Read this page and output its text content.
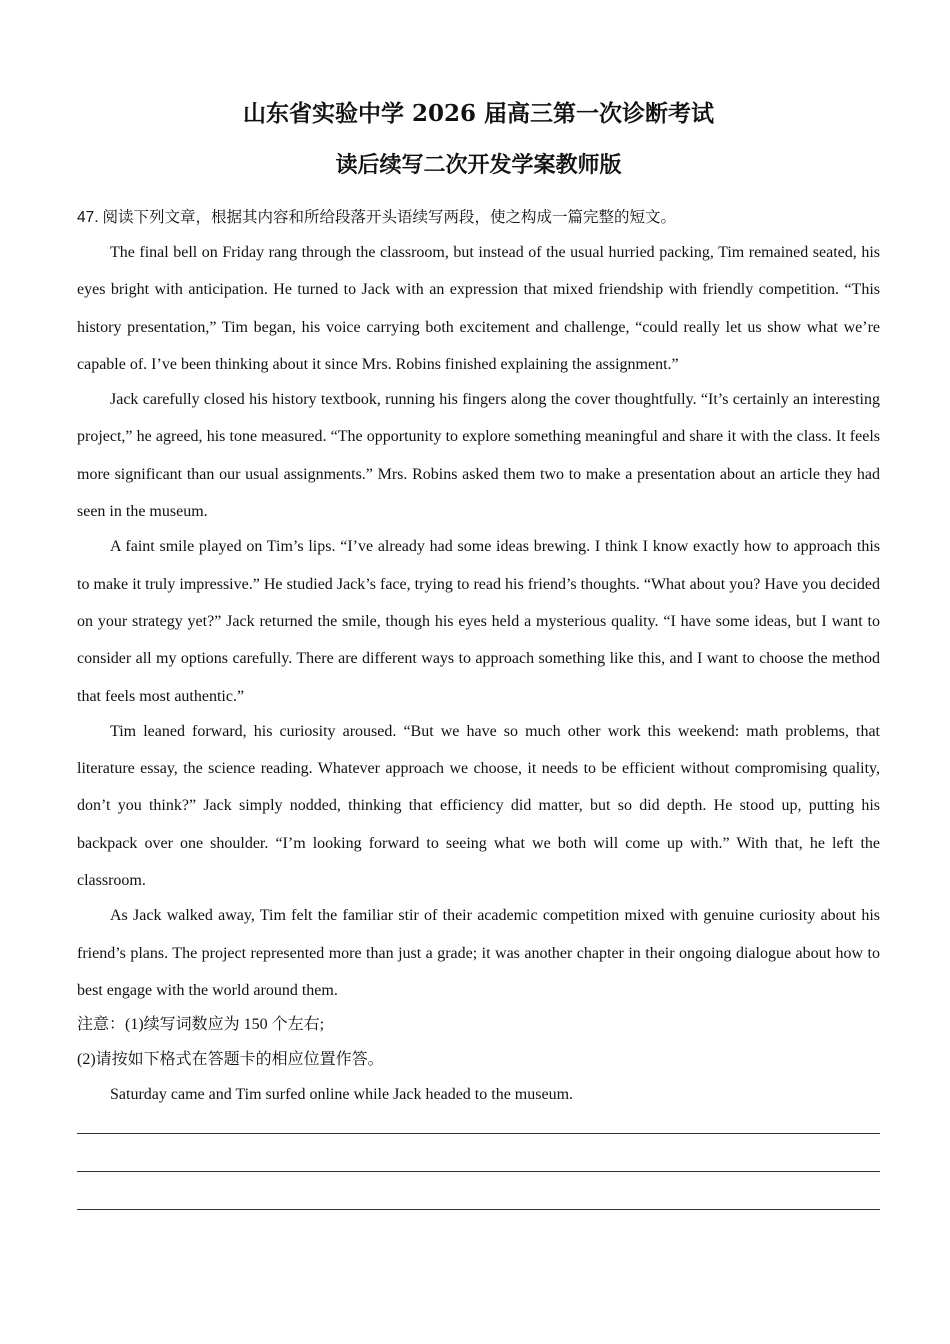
山东省实验中学 2026 届高三第一次诊断考试
读后续写二次开发学案教师版

47. 阅读下列文章，根据其内容和所给段落开头语续写两段，使之构成一篇完整的短文。

The final bell on Friday rang through the classroom, but instead of the usual hurried packing, Tim remained seated, his eyes bright with anticipation. He turned to Jack with an expression that mixed friendship with friendly competition. “This history presentation,” Tim began, his voice carrying both excitement and challenge, “could really let us show what we’re capable of. I’ve been thinking about it since Mrs. Robins finished explaining the assignment.”

Jack carefully closed his history textbook, running his fingers along the cover thoughtfully. “It’s certainly an interesting project,” he agreed, his tone measured. “The opportunity to explore something meaningful and share it with the class. It feels more significant than our usual assignments.” Mrs. Robins asked them two to make a presentation about an article they had seen in the museum.

A faint smile played on Tim’s lips. “I’ve already had some ideas brewing. I think I know exactly how to approach this to make it truly impressive.” He studied Jack’s face, trying to read his friend’s thoughts. “What about you? Have you decided on your strategy yet?” Jack returned the smile, though his eyes held a mysterious quality. “I have some ideas, but I want to consider all my options carefully. There are different ways to approach something like this, and I want to choose the method that feels most authentic.”

Tim leaned forward, his curiosity aroused. “But we have so much other work this weekend: math problems, that literature essay, the science reading. Whatever approach we choose, it needs to be efficient without compromising quality, don’t you think?” Jack simply nodded, thinking that efficiency did matter, but so did depth. He stood up, putting his backpack over one shoulder. “I’m looking forward to seeing what we both will come up with.” With that, he left the classroom.

As Jack walked away, Tim felt the familiar stir of their academic competition mixed with genuine curiosity about his friend’s plans. The project represented more than just a grade; it was another chapter in their ongoing dialogue about how to best engage with the world around them.

注意：(1)续写词数应为 150 个左右;

(2)请按如下格式在答题卡的相应位置作答。

Saturday came and Tim surfed online while Jack headed to the museum.
